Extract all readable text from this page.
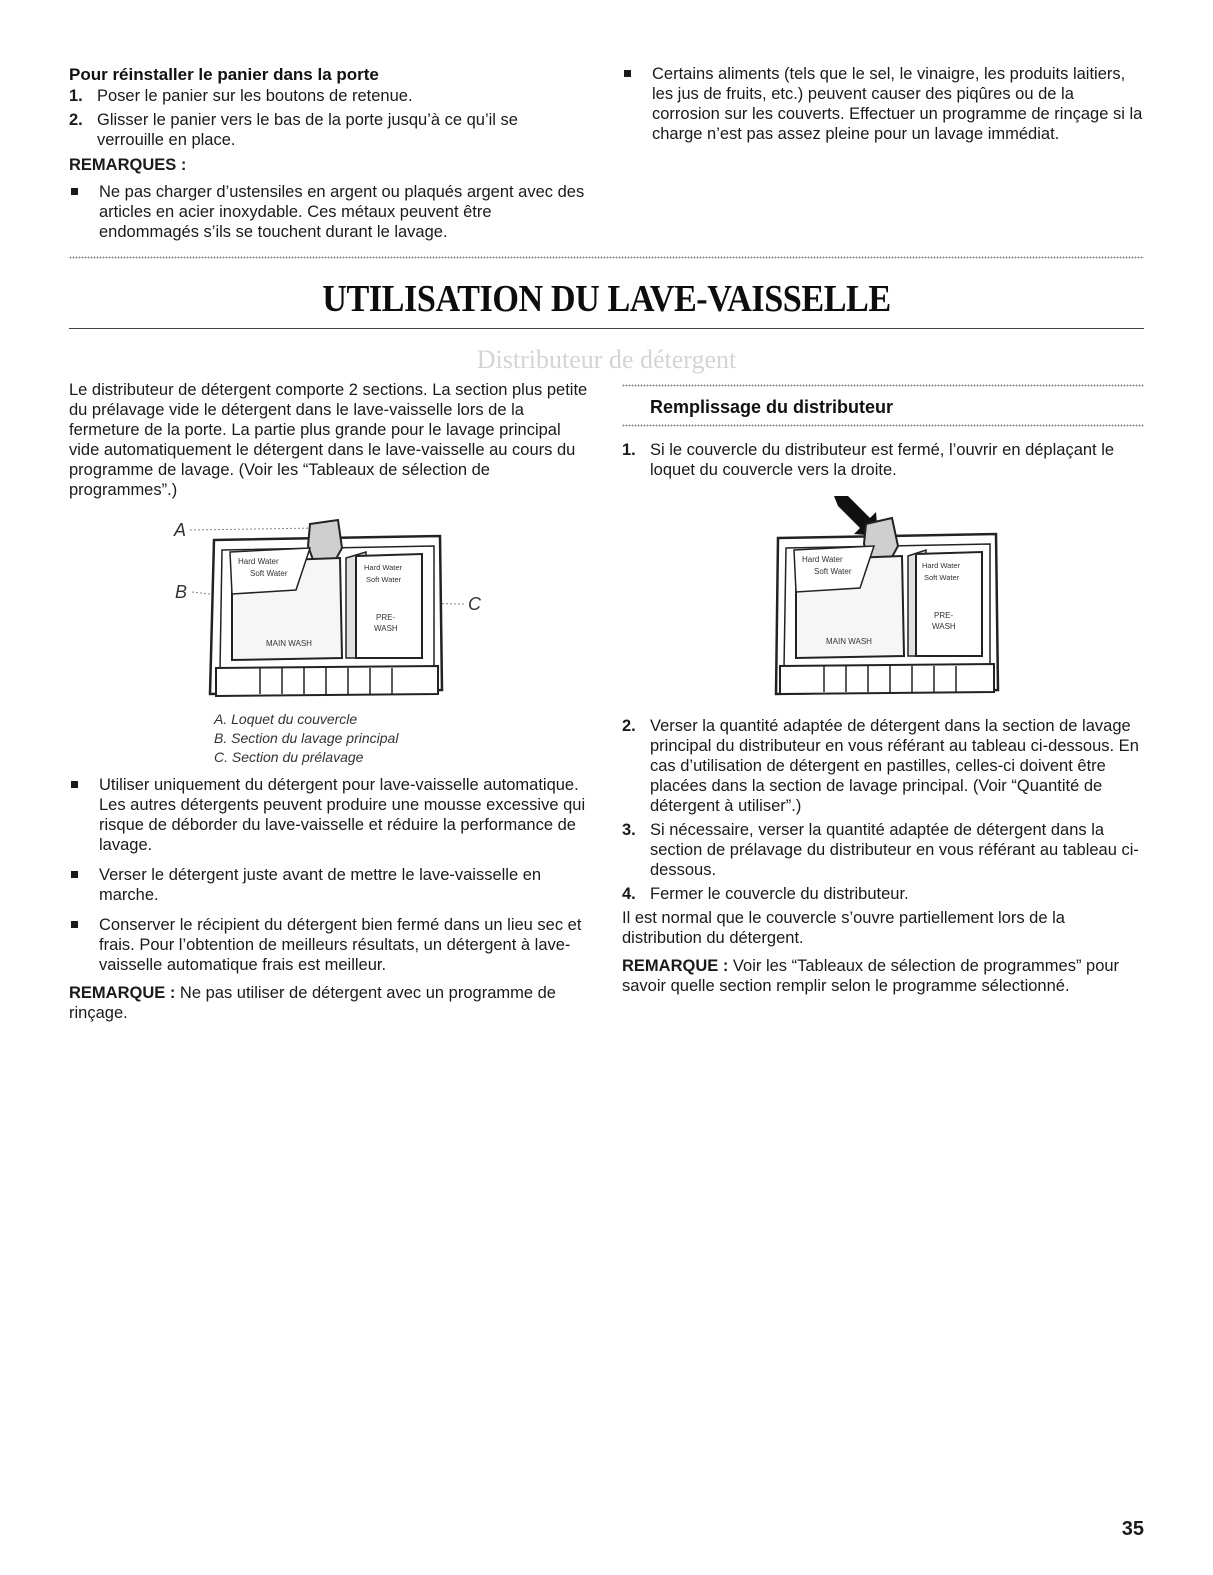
Pour réinstaller le panier dans la porte
1. Poser le panier sur les boutons de retenue.
2. Glisser le panier vers le bas de la porte jusqu’à ce qu’il se verrouille en place.
REMARQUES :
Ne pas charger d’ustensiles en argent ou plaqués argent avec des articles en acier inoxydable. Ces métaux peuvent être endommagés s’ils se touchent durant le lavage.
Certains aliments (tels que le sel, le vinaigre, les produits laitiers, les jus de fruits, etc.) peuvent causer des piqûres ou de la corrosion sur les couverts. Effectuer un programme de rinçage si la charge n’est pas assez pleine pour un lavage immédiat.
UTILISATION DU LAVE-VAISSELLE
Distributeur de détergent
Le distributeur de détergent comporte 2 sections. La section plus petite du prélavage vide le détergent dans le lave-vaisselle lors de la fermeture de la porte. La partie plus grande pour le lavage principal vide automatiquement le détergent dans le lave-vaisselle au cours du programme de lavage. (Voir les “Tableaux de sélection de programmes”.)
A
B
C
Hard Water
Soft Water
MAIN WASH
Hard Water
Soft Water
PRE-
WASH
A. Loquet du couvercle
B. Section du lavage principal
C. Section du prélavage
Utiliser uniquement du détergent pour lave-vaisselle automatique. Les autres détergents peuvent produire une mousse excessive qui risque de déborder du lave-vaisselle et réduire la performance de lavage.
Verser le détergent juste avant de mettre le lave-vaisselle en marche.
Conserver le récipient du détergent bien fermé dans un lieu sec et frais. Pour l’obtention de meilleurs résultats, un détergent à lave-vaisselle automatique frais est meilleur.
REMARQUE : Ne pas utiliser de détergent avec un programme de rinçage.
Remplissage du distributeur
1. Si le couvercle du distributeur est fermé, l’ouvrir en déplaçant le loquet du couvercle vers la droite.
Hard Water
Soft Water
MAIN WASH
Hard Water
Soft Water
PRE-
WASH
2. Verser la quantité adaptée de détergent dans la section de lavage principal du distributeur en vous référant au tableau ci-dessous. En cas d’utilisation de détergent en pastilles, celles-ci doivent être placées dans la section de lavage principal. (Voir “Quantité de détergent à utiliser”.)
3. Si nécessaire, verser la quantité adaptée de détergent dans la section de prélavage du distributeur en vous référant au tableau ci-dessous.
4. Fermer le couvercle du distributeur.

Il est normal que le couvercle s’ouvre partiellement lors de la distribution du détergent.

REMARQUE : Voir les “Tableaux de sélection de programmes” pour savoir quelle section remplir selon le programme sélectionné.
35
